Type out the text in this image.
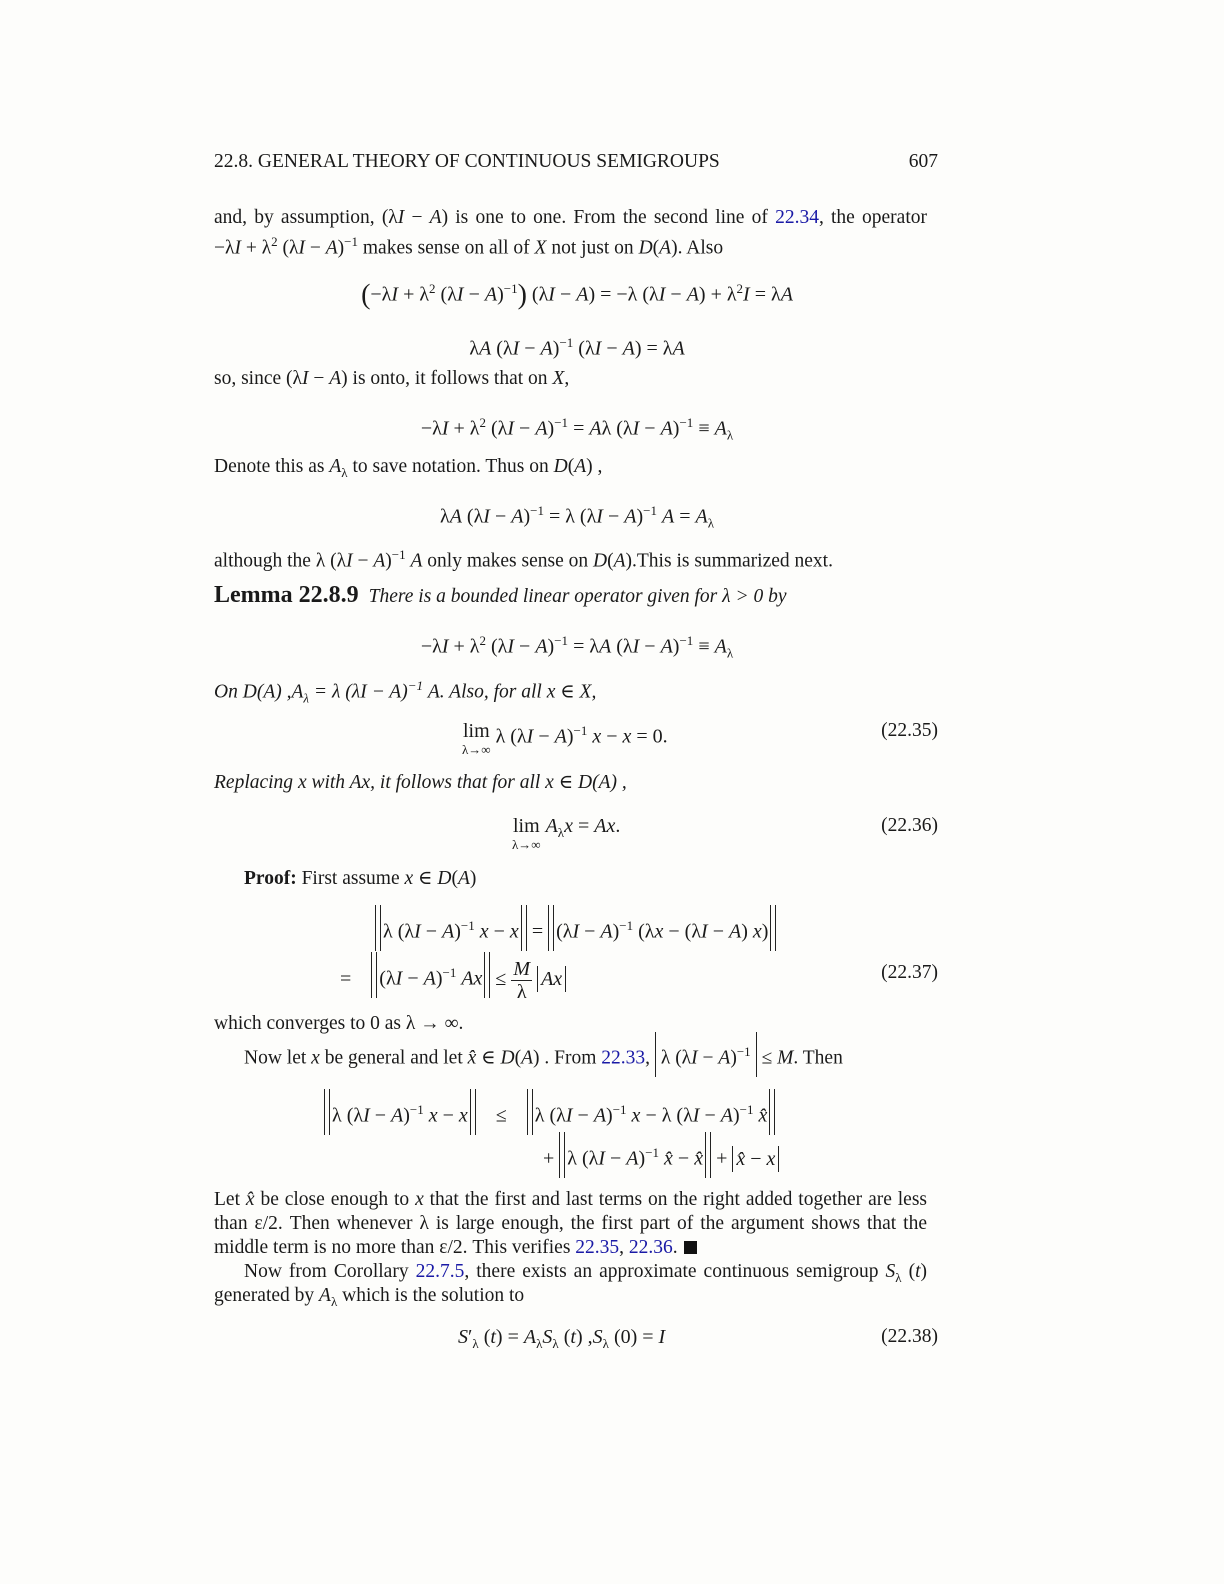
22.8. GENERAL THEORY OF CONTINUOUS SEMIGROUPS	607
and, by assumption, (λI − A) is one to one. From the second line of 22.34, the operator
$-\lambda I + \lambda^2$ $(\lambda I - A)^{-1}$ makes sense on all of X not just on D(A). Also
($-\lambda I + \lambda^2$ $(\lambda I - A)^{-1}$) (λI − A) = −λ $(\lambda I - A) + \lambda^2I = \lambda A$
λA $(\lambda I - A)^{-1}$ (λI − A) = λA
so, since (λI − A) is onto, it follows that on X,
$-\lambda I + \lambda^2$ $(\lambda I - A)^{-1} = A\lambda$ $(\lambda I - A)^{-1} \equiv A_\lambda$
Denote this as $A_\lambda$ to save notation. Thus on D(A) ,
λA $(\lambda I - A)^{-1} = \lambda$ $(\lambda I - A)^{-1}$ $A = A_\lambda$
although the λ $(\lambda I - A)^{-1}$ A only makes sense on D(A).This is summarized next.
Lemma 22.8.9 There is a bounded linear operator given for λ > 0 by
$-\lambda I + \lambda^2$ $(\lambda I - A)^{-1} = \lambda A$ $(\lambda I - A)^{-1} \equiv A_\lambda$
On D(A) $,A_\lambda = \lambda$ $(\lambda I - A)^{-1}$ A. Also, for all x ∈ X,
lim
λ→∞
λ $(\lambda I - A)^{-1}$ x − x = 0.	(22.35)
Replacing x with Ax, it follows that for all x ∈ D(A) ,
lim
λ→∞
$A_\lambda x = Ax$.	(22.36)
Proof: First assume x ∈ D(A)
λ $(\lambda I - A)^{-1}$ $x - x = (\lambda I - A)^{-1}$ (λx − (λI − A) x)
=    $(\lambda I - A)^{-1}$ $Ax \le \frac{M}{\lambda}$ Ax	(22.37)
which converges to 0 as λ → ∞.
Now let x be general and let x̂ ∈ D(A) . From 22.33, λ $(\lambda I - A)^{-1} \le M$. Then
λ $(\lambda I - A)^{-1}$ x − x    ≤    λ $(\lambda I - A)^{-1}$ x − λ $(\lambda I - A)^{-1}$ x̂
+ λ $(\lambda I - A)^{-1}$ x̂ − x̂ + x̂ − x
Let x̂ be close enough to x that the first and last terms on the right added together are less
than ε/2. Then whenever λ is large enough, the first part of the argument shows that the
middle term is no more than ε/2. This verifies 22.35, 22.36.
Now from Corollary 22.7.5, there exists an approximate continuous semigroup $S_\lambda$ (t)
generated by $A_\lambda$ which is the solution to
$S'_\lambda$ $(t) = A_\lambda S_\lambda$ (t) $,S_\lambda$ (0) = I	(22.38)
